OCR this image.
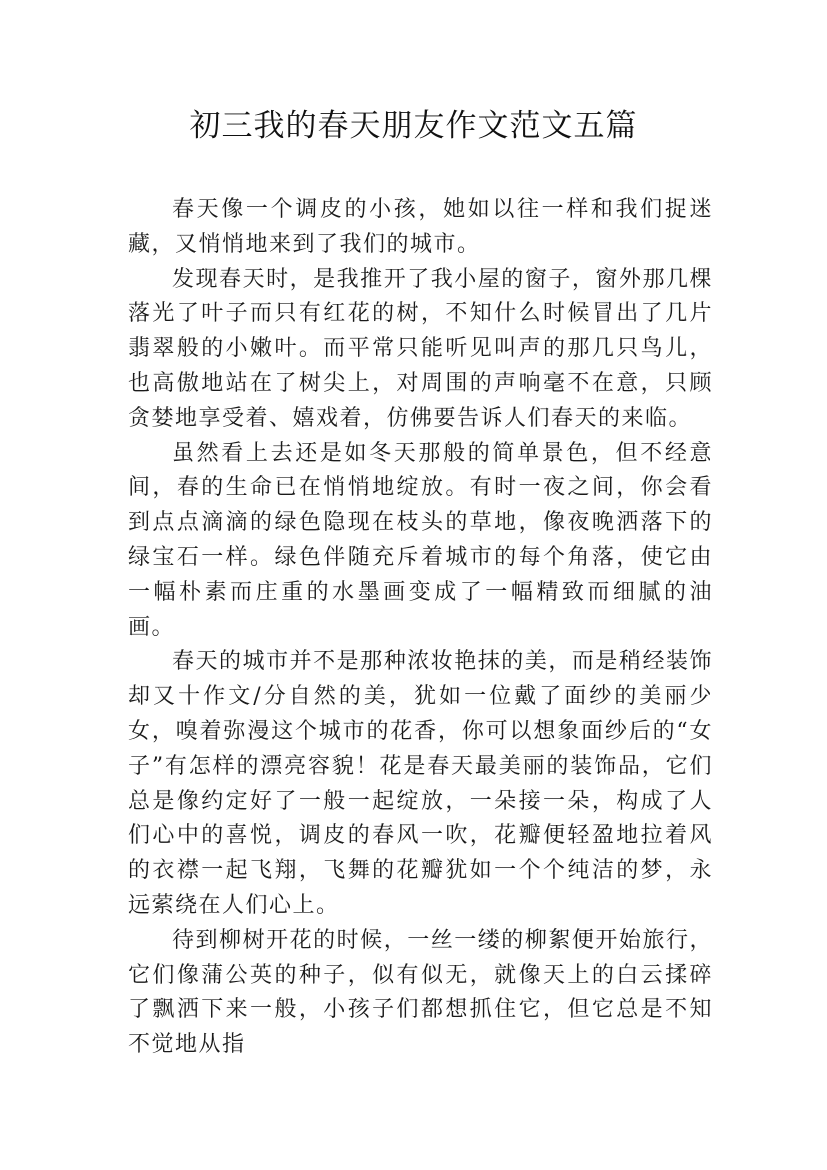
初三我的春天朋友作文范文五篇

春天像一个调皮的小孩，她如以往一样和我们捉迷藏，又悄悄地来到了我们的城市。

发现春天时，是我推开了我小屋的窗子，窗外那几棵落光了叶子而只有红花的树，不知什么时候冒出了几片翡翠般的小嫩叶。而平常只能听见叫声的那几只鸟儿，也高傲地站在了树尖上，对周围的声响毫不在意，只顾贪婪地享受着、嬉戏着，仿佛要告诉人们春天的来临。

虽然看上去还是如冬天那般的简单景色，但不经意间，春的生命已在悄悄地绽放。有时一夜之间，你会看到点点滴滴的绿色隐现在枝头的草地，像夜晚洒落下的绿宝石一样。绿色伴随充斥着城市的每个角落，使它由一幅朴素而庄重的水墨画变成了一幅精致而细腻的油画。

春天的城市并不是那种浓妆艳抹的美，而是稍经装饰却又十作文/分自然的美，犹如一位戴了面纱的美丽少女，嗅着弥漫这个城市的花香，你可以想象面纱后的“女子”有怎样的漂亮容貌！花是春天最美丽的装饰品，它们总是像约定好了一般一起绽放，一朵接一朵，构成了人们心中的喜悦，调皮的春风一吹，花瓣便轻盈地拉着风的衣襟一起飞翔，飞舞的花瓣犹如一个个纯洁的梦，永远萦绕在人们心上。

待到柳树开花的时候，一丝一缕的柳絮便开始旅行，它们像蒲公英的种子，似有似无，就像天上的白云揉碎了飘洒下来一般，小孩子们都想抓住它，但它总是不知不觉地从指
